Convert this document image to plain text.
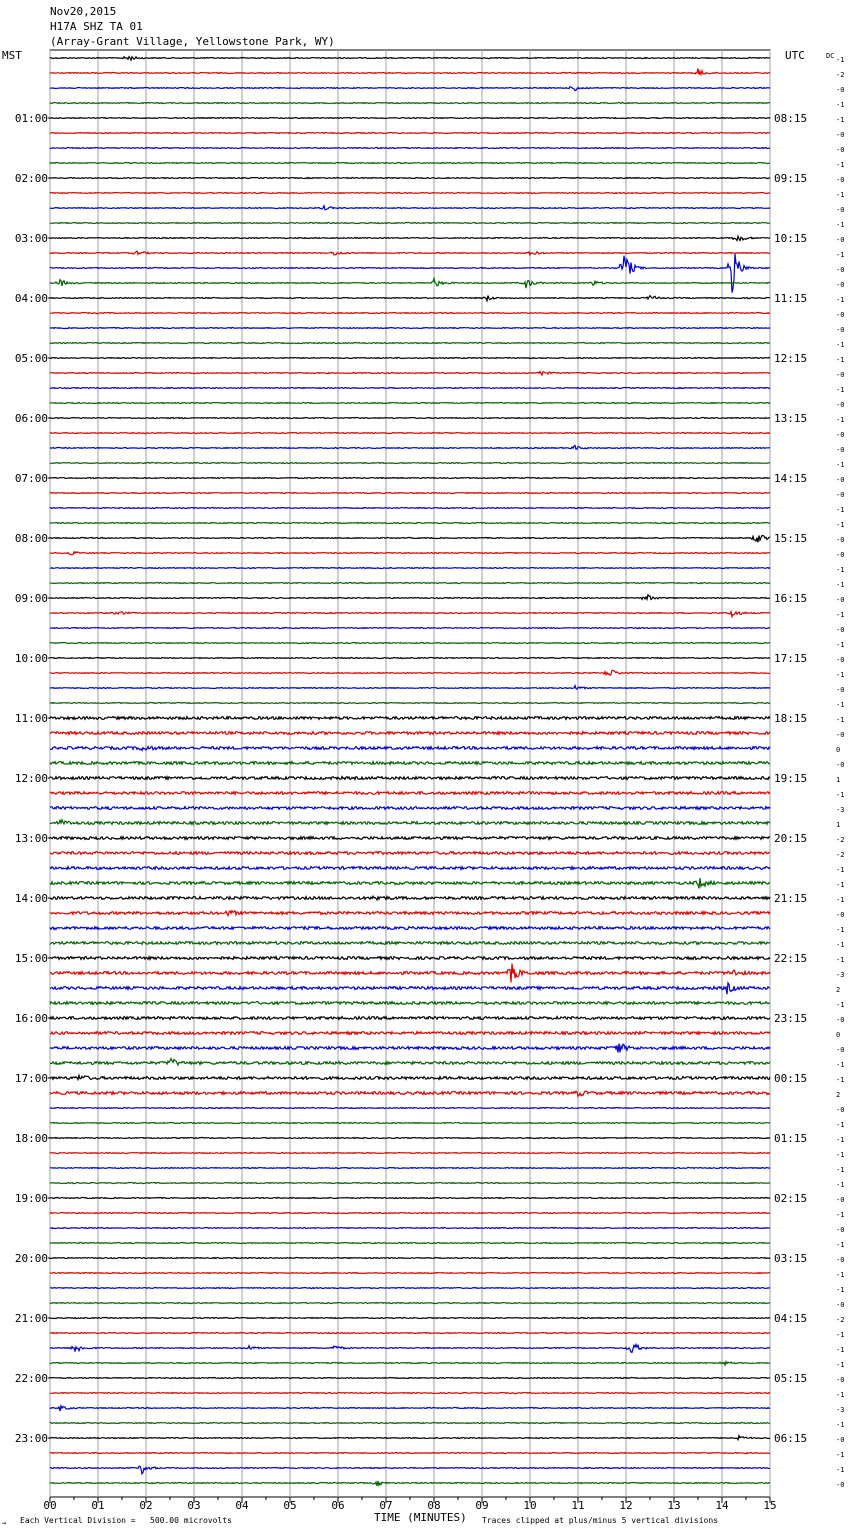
Nov20,2015
H17A SHZ TA 01
(Array-Grant Village, Yellowstone Park, WY)
MST	UTC	DC
00	01	02	03	04	05	06	07	08	09	10	11	12	13	14	15
-1
-2
-0
-1
-1
-0
-0
-1
-0
-1
-0
-1
-0
-1
-0
-0
-1
-0
-0
-1
-1
-0
-1
-0
-1
-0
-0
-1
-0
-0
-1
-1
-0
-0
-1
-1
-0
-1
-0
-1
-0
-1
-0
-1
-1
-0
0
-0
1
-1
-3
1
-2
-2
-1
-1
-1
-0
-1
-1
-1
-3
2
-1
-0
0
-0
-1
-1
2
-0
-1
-1
-1
-1
-1
-0
-1
-0
-1
-0
-1
-1
-0
-2
-1
-1
-1
-0
-1
-3
-1
-0
-1
-1
-0
01:00
02:00
03:00
04:00
05:00
06:00
07:00
08:00
09:00
10:00
11:00
12:00
13:00
14:00
15:00
16:00
17:00
18:00
19:00
20:00
21:00
22:00
23:00
08:15
09:15
10:15
11:15
12:15
13:15
14:15
15:15
16:15
17:15
18:15
19:15
20:15
21:15
22:15
23:15
00:15
01:15
02:15
03:15
04:15
05:15
06:15
TIME (MINUTES)
Each Vertical Division =   500.00 microvolts	Traces clipped at plus/minus 5 vertical divisions
→
